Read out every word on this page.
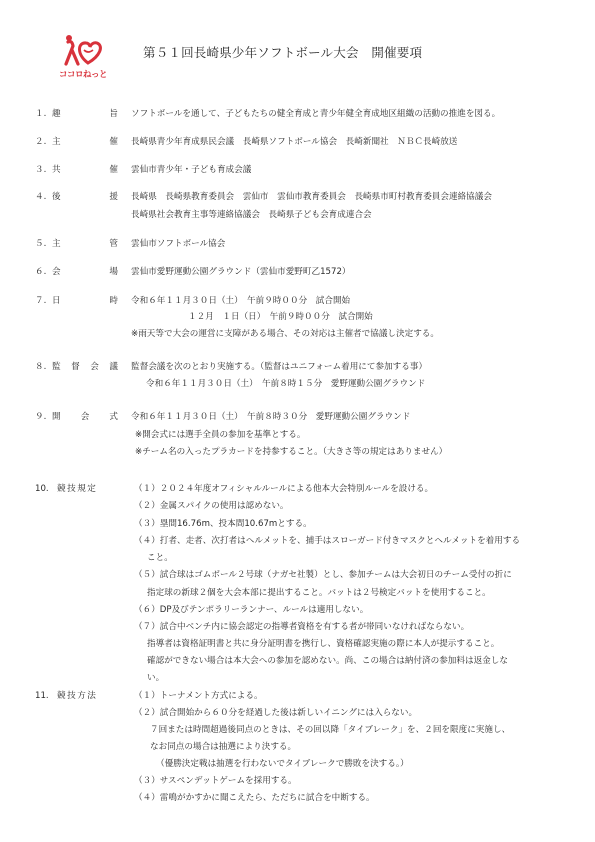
ココロねっと
第５１回長崎県少年ソフトボール大会　開催要項
１. 趣	旨 ソフトボールを通して、子どもたちの健全育成と青少年健全育成地区組織の活動の推進を図る。
２. 主	催 長崎県青少年育成県民会議　長崎県ソフトボール協会　長崎新聞社　ＮＢＣ長崎放送
３. 共	催 雲仙市青少年・子ども育成会議
４. 後	援 長崎県　長崎県教育委員会　雲仙市　雲仙市教育委員会　長崎県市町村教育委員会連絡協議会
長崎県社会教育主事等連絡協議会　長崎県子ども会育成連合会
５. 主	管 雲仙市ソフトボール協会
６. 会	場 雲仙市愛野運動公園グラウンド（雲仙市愛野町乙1572）
７. 日	時 令和６年１１月３０日（土）　午前９時００分　試合開始
１２月　１日（日）　午前９時００分　試合開始
※雨天等で大会の運営に支障がある場合、その対応は主催者で協議し決定する。
８. 監 督 会 議 監督会議を次のとおり実施する。（監督はユニフォーム着用にて参加する事）
令和６年１１月３０日（土）　午前８時１５分　愛野運動公園グラウンド
９. 開 会 式 令和６年１１月３０日（土）　午前８時３０分　愛野運動公園グラウンド
※開会式には選手全員の参加を基準とする。
※チーム名の入ったプラカードを持参すること。（大きさ等の規定はありません）
10. 競技規定	（１）２０２４年度オフィシャルルールによる他本大会特別ルールを設ける。
（２）金属スパイクの使用は認めない。
（３）塁間16.76m、投本間10.67mとする。
（４）打者、走者、次打者はヘルメットを、捕手はスローガード付きマスクとヘルメットを着用する
こと。
（５）試合球はゴムボール２号球（ナガセ社製）とし、参加チームは大会初日のチーム受付の折に
指定球の新球２個を大会本部に提出すること。バットは２号検定バットを使用すること。
（６）DP及びテンポラリーランナー、ルールは適用しない。
（７）試合中ベンチ内に協会認定の指導者資格を有する者が帯同いなければならない。
指導者は資格証明書と共に身分証明書を携行し、資格確認実施の際に本人が提示すること。
確認ができない場合は本大会への参加を認めない。尚、この場合は納付済の参加料は返金しな
い。
11. 競技方法	（１）トーナメント方式による。
（２）試合開始から６０分を経過した後は新しいイニングには入らない。
７回または時間超過後同点のときは、その回以降「タイブレーク」を、２回を限度に実施し、
なお同点の場合は抽選により決する。
（優勝決定戦は抽選を行わないでタイブレークで勝敗を決する。）
（３）サスペンデットゲームを採用する。
（４）雷鳴がかすかに聞こえたら、ただちに試合を中断する。
